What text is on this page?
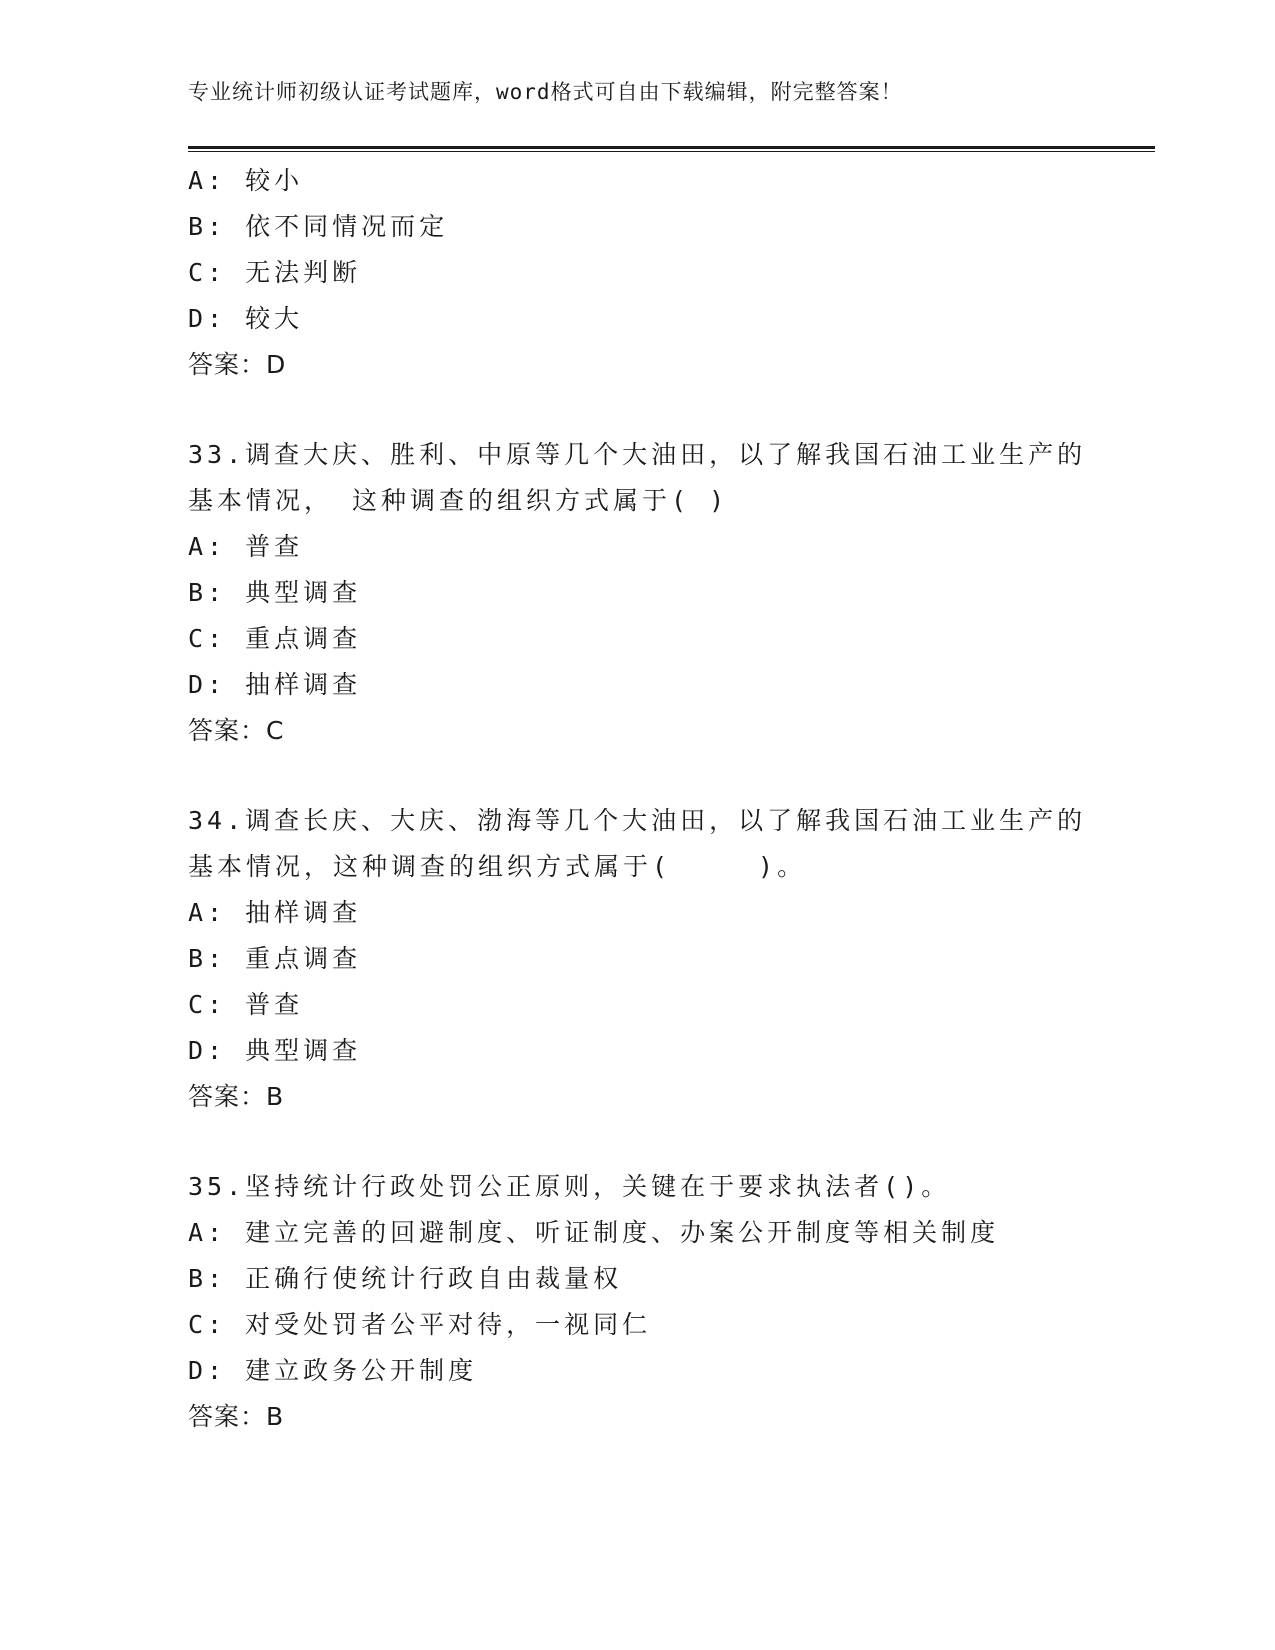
专业统计师初级认证考试题库，word格式可自由下载编辑，附完整答案！
A: 较小
B: 依不同情况而定
C: 无法判断
D: 较大
答案：D
33.调查大庆、胜利、中原等几个大油田，以了解我国石油工业生产的
基本情况， 这种调查的组织方式属于( )
A: 普查
B: 典型调查
C: 重点调查
D: 抽样调查
答案：C
34.调查长庆、大庆、渤海等几个大油田，以了解我国石油工业生产的
基本情况，这种调查的组织方式属于(　　　)。
A: 抽样调查
B: 重点调查
C: 普查
D: 典型调查
答案：B
35.坚持统计行政处罚公正原则，关键在于要求执法者()。
A: 建立完善的回避制度、听证制度、办案公开制度等相关制度
B: 正确行使统计行政自由裁量权
C: 对受处罚者公平对待，一视同仁
D: 建立政务公开制度
答案：B
